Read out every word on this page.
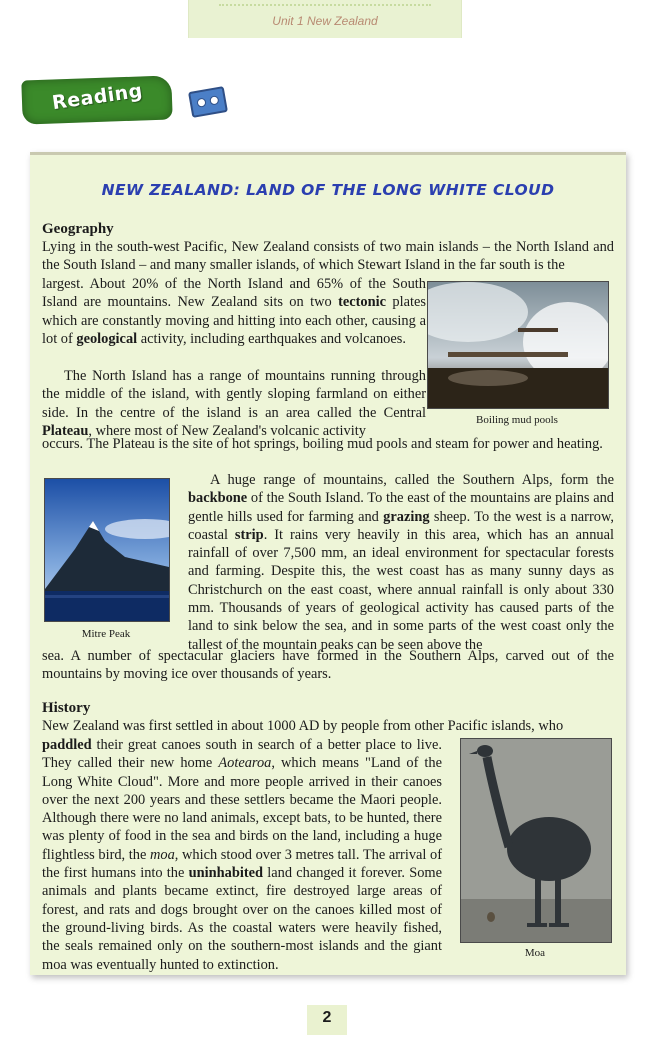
Unit 1 New Zealand
Reading
NEW ZEALAND: LAND OF THE LONG WHITE CLOUD
Geography

Lying in the south-west Pacific, New Zealand consists of two main islands – the North Island and the South Island – and many smaller islands, of which Stewart Island in the far south is the

largest. About 20% of the North Island and 65% of the South Island are mountains. New Zealand sits on two tectonic plates which are constantly moving and hitting into each other, causing a lot of geological activity, including earthquakes and volcanoes.

The North Island has a range of mountains running through the middle of the island, with gently sloping farmland on either side. In the centre of the island is an area called the Central Plateau, where most of New Zealand's volcanic activity

occurs. The Plateau is the site of hot springs, boiling mud pools and steam for power and heating.

A huge range of mountains, called the Southern Alps, form the backbone of the South Island. To the east of the mountains are plains and gentle hills used for farming and grazing sheep. To the west is a narrow, coastal strip. It rains very heavily in this area, which has an annual rainfall of over 7,500 mm, an ideal environment for spectacular forests and farming. Despite this, the west coast has as many sunny days as Christchurch on the east coast, where annual rainfall is only about 330 mm. Thousands of years of geological activity has caused parts of the land to sink below the sea, and in some parts of the west coast only the tallest of the mountain peaks can be seen above the

sea. A number of spectacular glaciers have formed in the Southern Alps, carved out of the mountains by moving ice over thousands of years.

History

New Zealand was first settled in about 1000 AD by people from other Pacific islands, who

paddled their great canoes south in search of a better place to live. They called their new home Aotearoa, which means "Land of the Long White Cloud". More and more people arrived in their canoes over the next 200 years and these settlers became the Maori people. Although there were no land animals, except bats, to be hunted, there was plenty of food in the sea and birds on the land, including a huge flightless bird, the moa, which stood over 3 metres tall. The arrival of the first humans into the uninhabited land changed it forever. Some animals and plants became extinct, fire destroyed large areas of forest, and rats and dogs brought over on the canoes killed most of the ground-living birds. As the coastal waters were heavily fished, the seals remained only on the southern-most islands and the giant moa was eventually hunted to extinction.

Boiling mud pools

Mitre Peak

Moa

2
